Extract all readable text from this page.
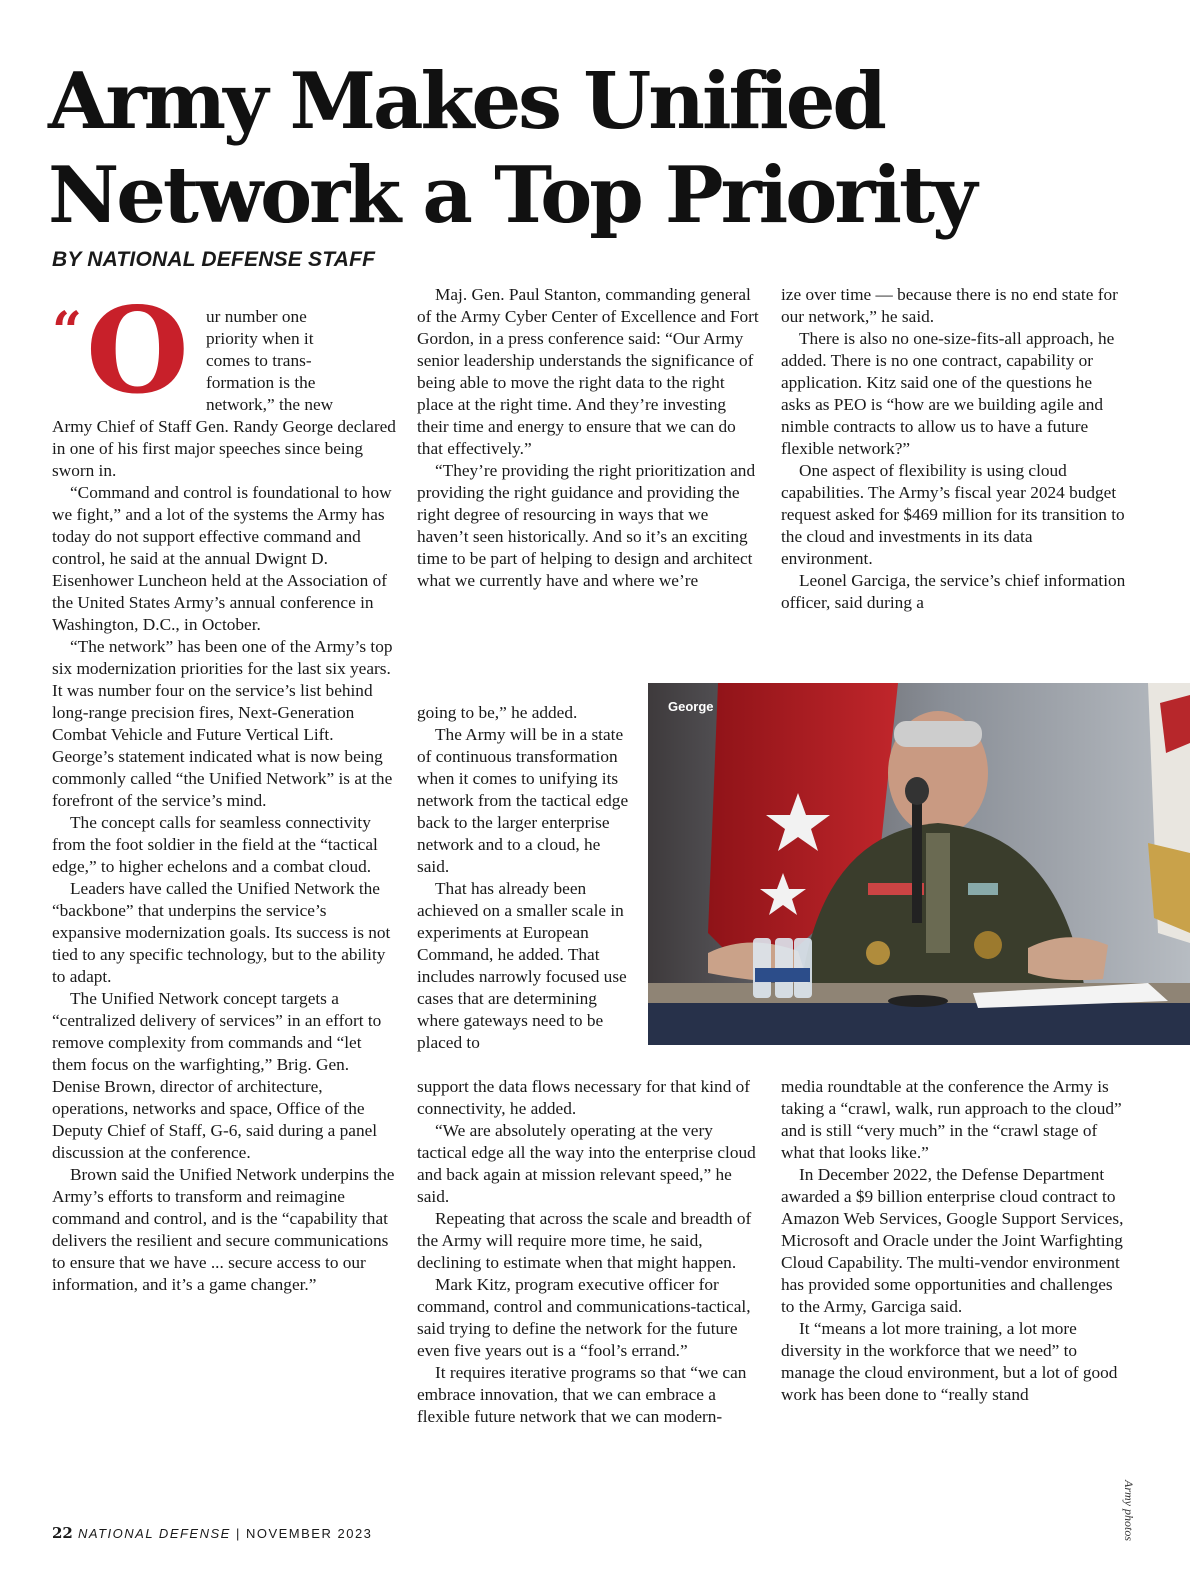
Army Makes Unified
Network a Top Priority
BY NATIONAL DEFENSE STAFF
“ O ur number one
priority when it
comes to trans-
formation is the
network,” the new

Army Chief of Staff Gen. Randy George declared in one of his first major speeches since being sworn in.

“Command and control is foundational to how we fight,” and a lot of the systems the Army has today do not support effective command and control, he said at the annual Dwignt D. Eisenhower Luncheon held at the Association of the United States Army’s annual conference in Washington, D.C., in October.

“The network” has been one of the Army’s top six modernization priorities for the last six years. It was number four on the service’s list behind long-range precision fires, Next-Generation Combat Vehicle and Future Vertical Lift. George’s statement indicated what is now being commonly called “the Unified Network” is at the forefront of the service’s mind.

The concept calls for seamless connectivity from the foot soldier in the field at the “tactical edge,” to higher echelons and a combat cloud.

Leaders have called the Unified Network the “backbone” that underpins the service’s expansive modernization goals. Its success is not tied to any specific technology, but to the ability to adapt.

The Unified Network concept targets a “centralized delivery of services” in an effort to remove complexity from commands and “let them focus on the warfighting,” Brig. Gen. Denise Brown, director of architecture, operations, networks and space, Office of the Deputy Chief of Staff, G-6, said during a panel discussion at the conference.

Brown said the Unified Network underpins the Army’s efforts to transform and reimagine command and control, and is the “capability that delivers the resilient and secure communications to ensure that we have ... secure access to our information, and it’s a game changer.”

Maj. Gen. Paul Stanton, commanding general of the Army Cyber Center of Excellence and Fort Gordon, in a press conference said: “Our Army senior leadership understands the significance of being able to move the right data to the right place at the right time. And they’re investing their time and energy to ensure that we can do that effectively.”

“They’re providing the right prioritization and providing the right guidance and providing the right degree of resourcing in ways that we haven’t seen historically. And so it’s an exciting time to be part of helping to design and architect what we currently have and where we’re

going to be,” he added.

The Army will be in a state of continuous transformation when it comes to unifying its network from the tactical edge back to the larger enterprise network and to a cloud, he said.

That has already been achieved on a smaller scale in experiments at European Command, he added. That includes narrowly focused use cases that are determining where gateways need to be placed to

support the data flows necessary for that kind of connectivity, he added.

“We are absolutely operating at the very tactical edge all the way into the enterprise cloud and back again at mission relevant speed,” he said.

Repeating that across the scale and breadth of the Army will require more time, he said, declining to estimate when that might happen.

Mark Kitz, program executive officer for command, control and communications-tactical, said trying to define the network for the future even five years out is a “fool’s errand.”

It requires iterative programs so that “we can embrace innovation, that we can embrace a flexible future network that we can modern-

ize over time — because there is no end state for our network,” he said.

There is also no one-size-fits-all approach, he added. There is no one contract, capability or application. Kitz said one of the questions he asks as PEO is “how are we building agile and nimble contracts to allow us to have a future flexible network?”

One aspect of flexibility is using cloud capabilities. The Army’s fiscal year 2024 budget request asked for $469 million for its transition to the cloud and investments in its data environment.

Leonel Garciga, the service’s chief information officer, said during a

media roundtable at the conference the Army is taking a “crawl, walk, run approach to the cloud” and is still “very much” in the “crawl stage of what that looks like.”

In December 2022, the Defense Department awarded a $9 billion enterprise cloud contract to Amazon Web Services, Google Support Services, Microsoft and Oracle under the Joint Warfighting Cloud Capability. The multi-vendor environment has provided some opportunities and challenges to the Army, Garciga said.

It “means a lot more training, a lot more diversity in the workforce that we need” to manage the cloud environment, but a lot of good work has been done to “really stand

George
Army photos
22 NATIONAL DEFENSE | NOVEMBER 2023
